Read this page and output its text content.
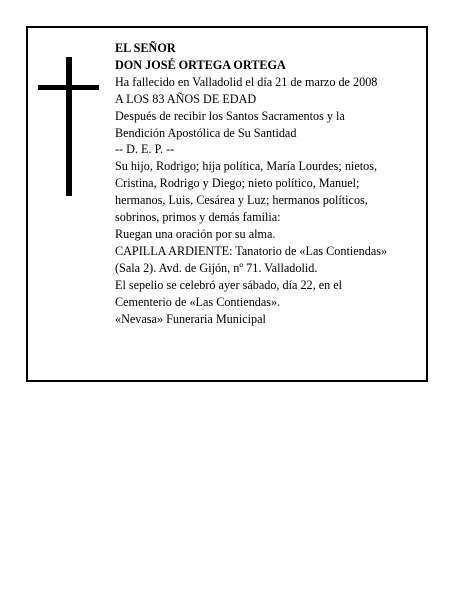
EL SEÑOR
DON JOSÉ ORTEGA ORTEGA
Ha fallecido en Valladolid el día 21 de marzo de 2008
A LOS 83 AÑOS DE EDAD
Después de recibir los Santos Sacramentos y la
Bendición Apostólica de Su Santidad
-- D. E. P. --
Su hijo, Rodrigo; hija política, María Lourdes; nietos,
Cristina, Rodrigo y Diego; nieto político, Manuel;
hermanos, Luis, Cesárea y Luz; hermanos políticos,
sobrinos, primos y demás familia:
Ruegan una oración por su alma.
CAPILLA ARDIENTE: Tanatorio de «Las Contiendas»
(Sala 2). Avd. de Gijón, nº 71. Valladolid.
El sepelio se celebró ayer sábado, día 22, en el
Cementerio de «Las Contiendas».
«Nevasa» Funeraria Municipal
